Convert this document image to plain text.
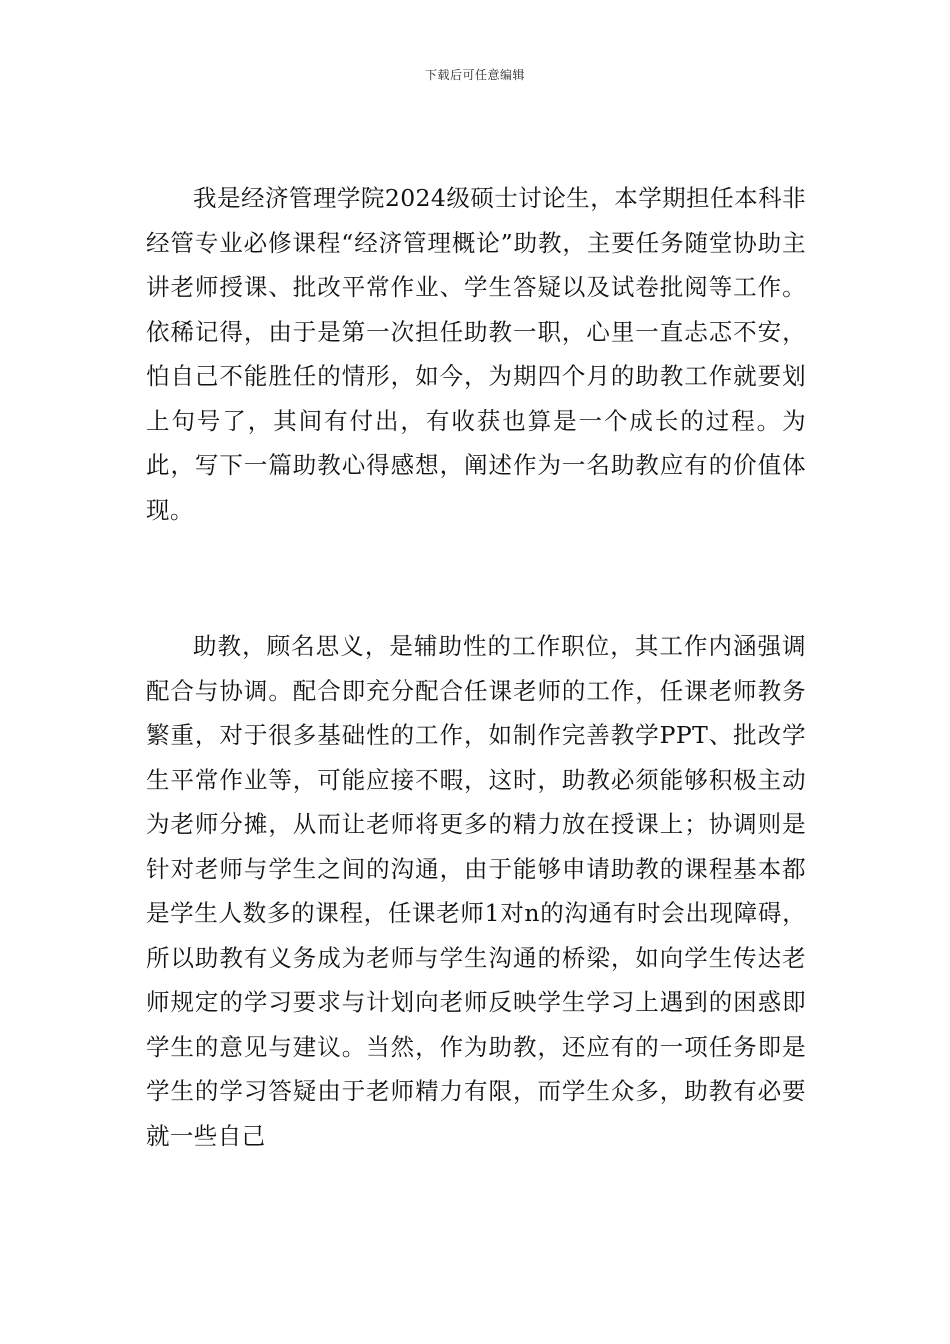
下载后可任意编辑

我是经济管理学院2024级硕士讨论生，本学期担任本科非经管专业必修课程“经济管理概论”助教，主要任务随堂协助主讲老师授课、批改平常作业、学生答疑以及试卷批阅等工作。依稀记得，由于是第一次担任助教一职，心里一直忐忑不安，怕自己不能胜任的情形，如今，为期四个月的助教工作就要划上句号了，其间有付出，有收获也算是一个成长的过程。为此，写下一篇助教心得感想，阐述作为一名助教应有的价值体现。

助教，顾名思义，是辅助性的工作职位，其工作内涵强调配合与协调。配合即充分配合任课老师的工作，任课老师教务繁重，对于很多基础性的工作，如制作完善教学PPT、批改学生平常作业等，可能应接不暇，这时，助教必须能够积极主动为老师分摊，从而让老师将更多的精力放在授课上；协调则是针对老师与学生之间的沟通，由于能够申请助教的课程基本都是学生人数多的课程，任课老师1对n的沟通有时会出现障碍，所以助教有义务成为老师与学生沟通的桥梁，如向学生传达老师规定的学习要求与计划向老师反映学生学习上遇到的困惑即学生的意见与建议。当然，作为助教，还应有的一项任务即是学生的学习答疑由于老师精力有限，而学生众多，助教有必要就一些自己
